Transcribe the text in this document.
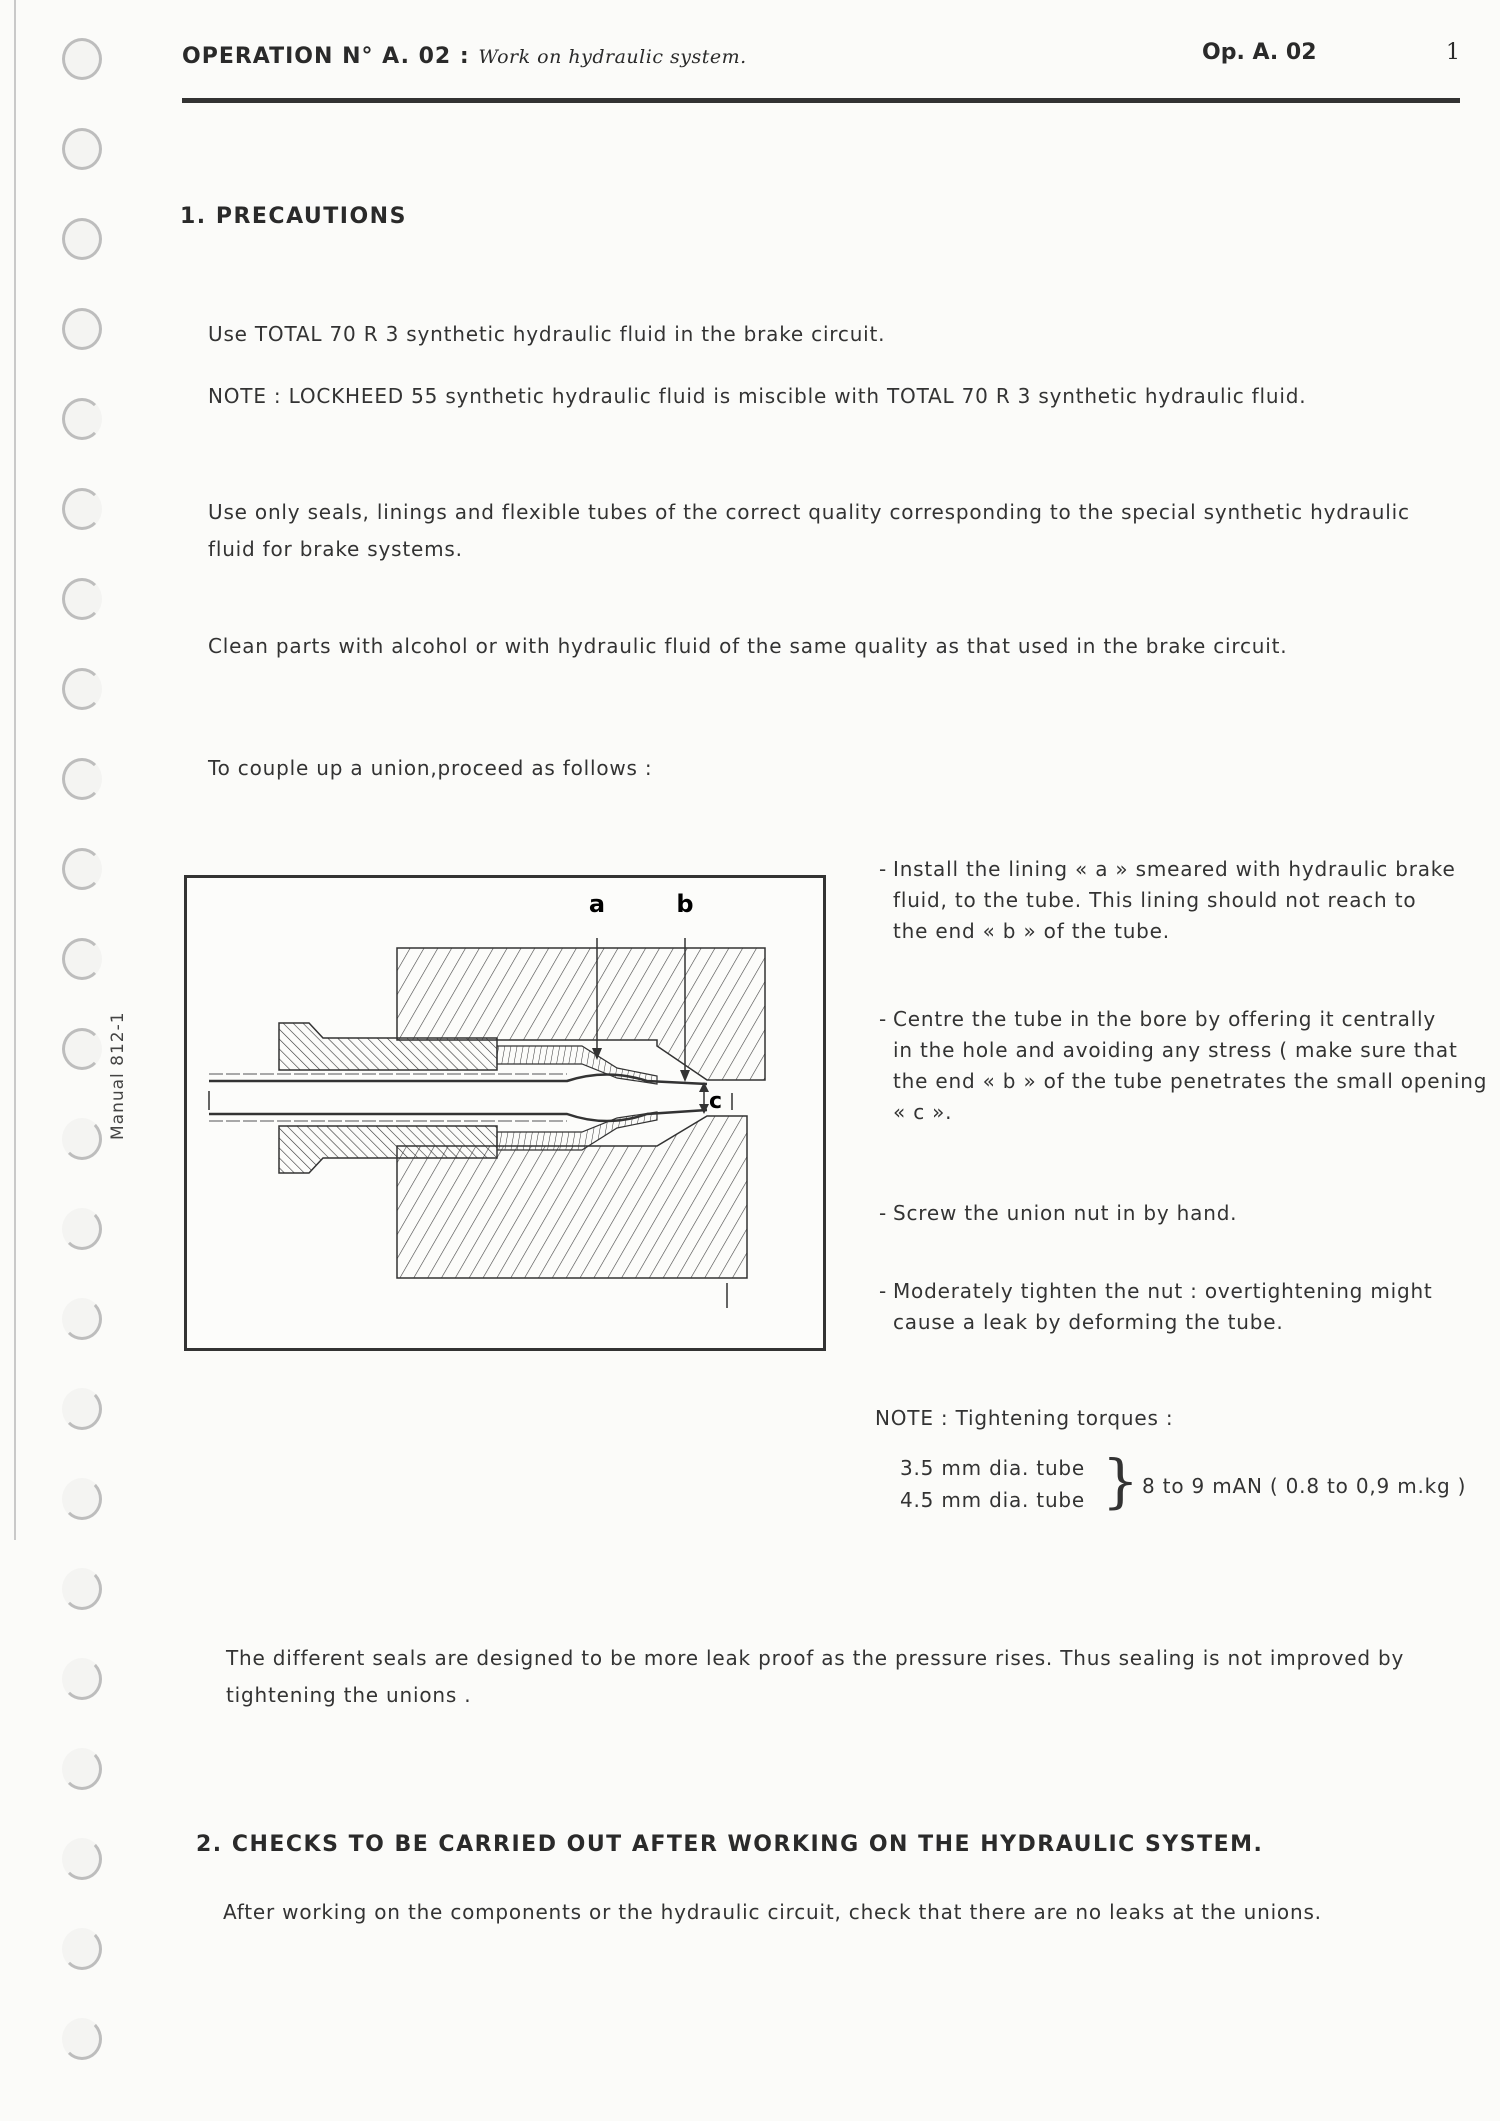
Manual 812-1
OPERATION N° A. 02 : Work on hydraulic system.	Op. A. 02	1
1. PRECAUTIONS
Use TOTAL 70 R 3 synthetic hydraulic fluid in the brake circuit.
NOTE : LOCKHEED 55 synthetic hydraulic fluid is miscible with TOTAL 70 R 3 synthetic hydraulic fluid.
Use only seals, linings and flexible tubes of the correct quality corresponding to the special synthetic hydraulic
fluid for brake systems.
Clean parts with alcohol or with hydraulic fluid of the same quality as that used in the brake circuit.
To couple up a union,proceed as follows :
a	b
c
- Install the lining « a » smeared with hydraulic brake
fluid, to the tube. This lining should not reach to
the end « b » of the tube.
- Centre the tube in the bore by offering it centrally
in the hole and avoiding any stress ( make sure that
the end « b » of the tube penetrates the small opening
« c ».
- Screw the union nut in by hand.
- Moderately tighten the nut : overtightening might
cause a leak by deforming the tube.
NOTE : Tightening torques :
3.5 mm dia. tube
4.5 mm dia. tube } 8 to 9 mAN ( 0.8 to 0,9 m.kg )
The different seals are designed to be more leak proof as the pressure rises. Thus sealing is not improved by
tightening the unions .
2. CHECKS TO BE CARRIED OUT AFTER WORKING ON THE HYDRAULIC SYSTEM.
After working on the components or the hydraulic circuit, check that there are no leaks at the unions.
